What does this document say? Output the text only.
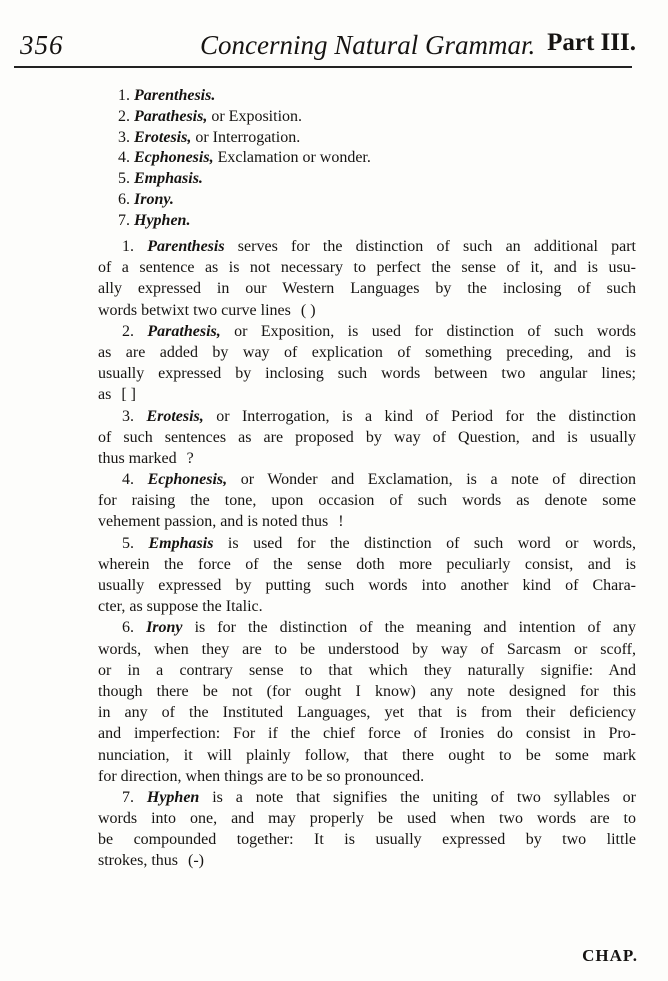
356	Concerning Natural Grammar. Part III.
1. Parenthesis.
2. Parathesis, or Exposition.
3. Erotesis, or Interrogation.
4. Ecphonesis, Exclamation or wonder.
5. Emphasis.
6. Irony.
7. Hyphen.
1. Parenthesis serves for the distinction of such an additional part
of a sentence as is not necessary to perfect the sense of it, and is usu-
ally expressed in our Western Languages by the inclosing of such
words betwixt two curve lines ( )
2. Parathesis, or Exposition, is used for distinction of such words
as are added by way of explication of something preceding, and is
usually expressed by inclosing such words between two angular lines;
as [ ]
3. Erotesis, or Interrogation, is a kind of Period for the distinction
of such sentences as are proposed by way of Question, and is usually
thus marked ?
4. Ecphonesis, or Wonder and Exclamation, is a note of direction
for raising the tone, upon occasion of such words as denote some
vehement passion, and is noted thus !
5. Emphasis is used for the distinction of such word or words,
wherein the force of the sense doth more peculiarly consist, and is
usually expressed by putting such words into another kind of Chara-
cter, as suppose the Italic.
6. Irony is for the distinction of the meaning and intention of any
words, when they are to be understood by way of Sarcasm or scoff,
or in a contrary sense to that which they naturally signifie: And
though there be not (for ought I know) any note designed for this
in any of the Instituted Languages, yet that is from their deficiency
and imperfection: For if the chief force of Ironies do consist in Pro-
nunciation, it will plainly follow, that there ought to be some mark
for direction, when things are to be so pronounced.
7. Hyphen is a note that signifies the uniting of two syllables or
words into one, and may properly be used when two words are to
be compounded together: It is usually expressed by two little
strokes, thus (-)
CHAP.
